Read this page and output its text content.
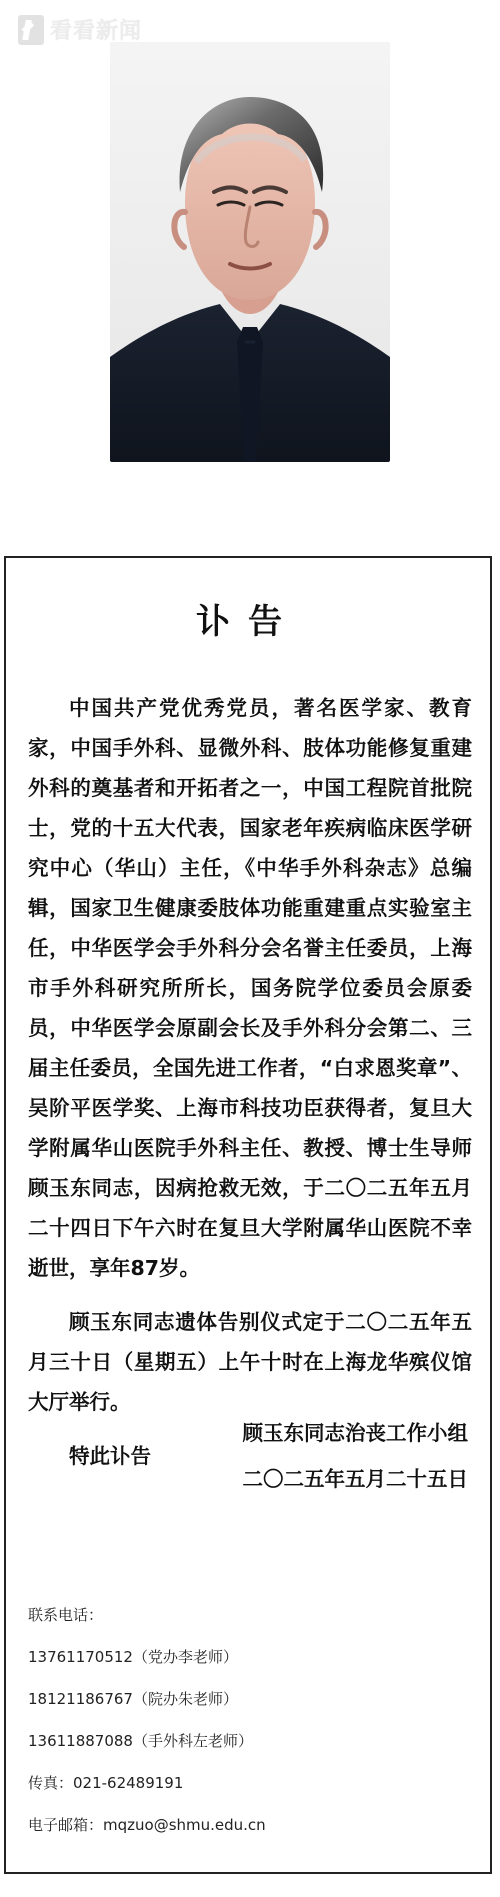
看看新闻
讣告

中国共产党优秀党员，著名医学家、教育家，中国手外科、显微外科、肢体功能修复重建外科的奠基者和开拓者之一，中国工程院首批院士，党的十五大代表，国家老年疾病临床医学研究中心（华山）主任，《中华手外科杂志》总编辑，国家卫生健康委肢体功能重建重点实验室主任，中华医学会手外科分会名誉主任委员，上海市手外科研究所所长，国务院学位委员会原委员，中华医学会原副会长及手外科分会第二、三届主任委员，全国先进工作者，“白求恩奖章”、吴阶平医学奖、上海市科技功臣获得者，复旦大学附属华山医院手外科主任、教授、博士生导师顾玉东同志，因病抢救无效，于二〇二五年五月二十四日下午六时在复旦大学附属华山医院不幸逝世，享年87岁。

顾玉东同志遗体告别仪式定于二〇二五年五月三十日（星期五）上午十时在上海龙华殡仪馆大厅举行。

特此讣告

顾玉东同志治丧工作小组
二〇二五年五月二十五日
联系电话：
13761170512（党办李老师）
18121186767（院办朱老师）
13611887088（手外科左老师）
传真：021-62489191
电子邮箱：mqzuo@shmu.edu.cn
